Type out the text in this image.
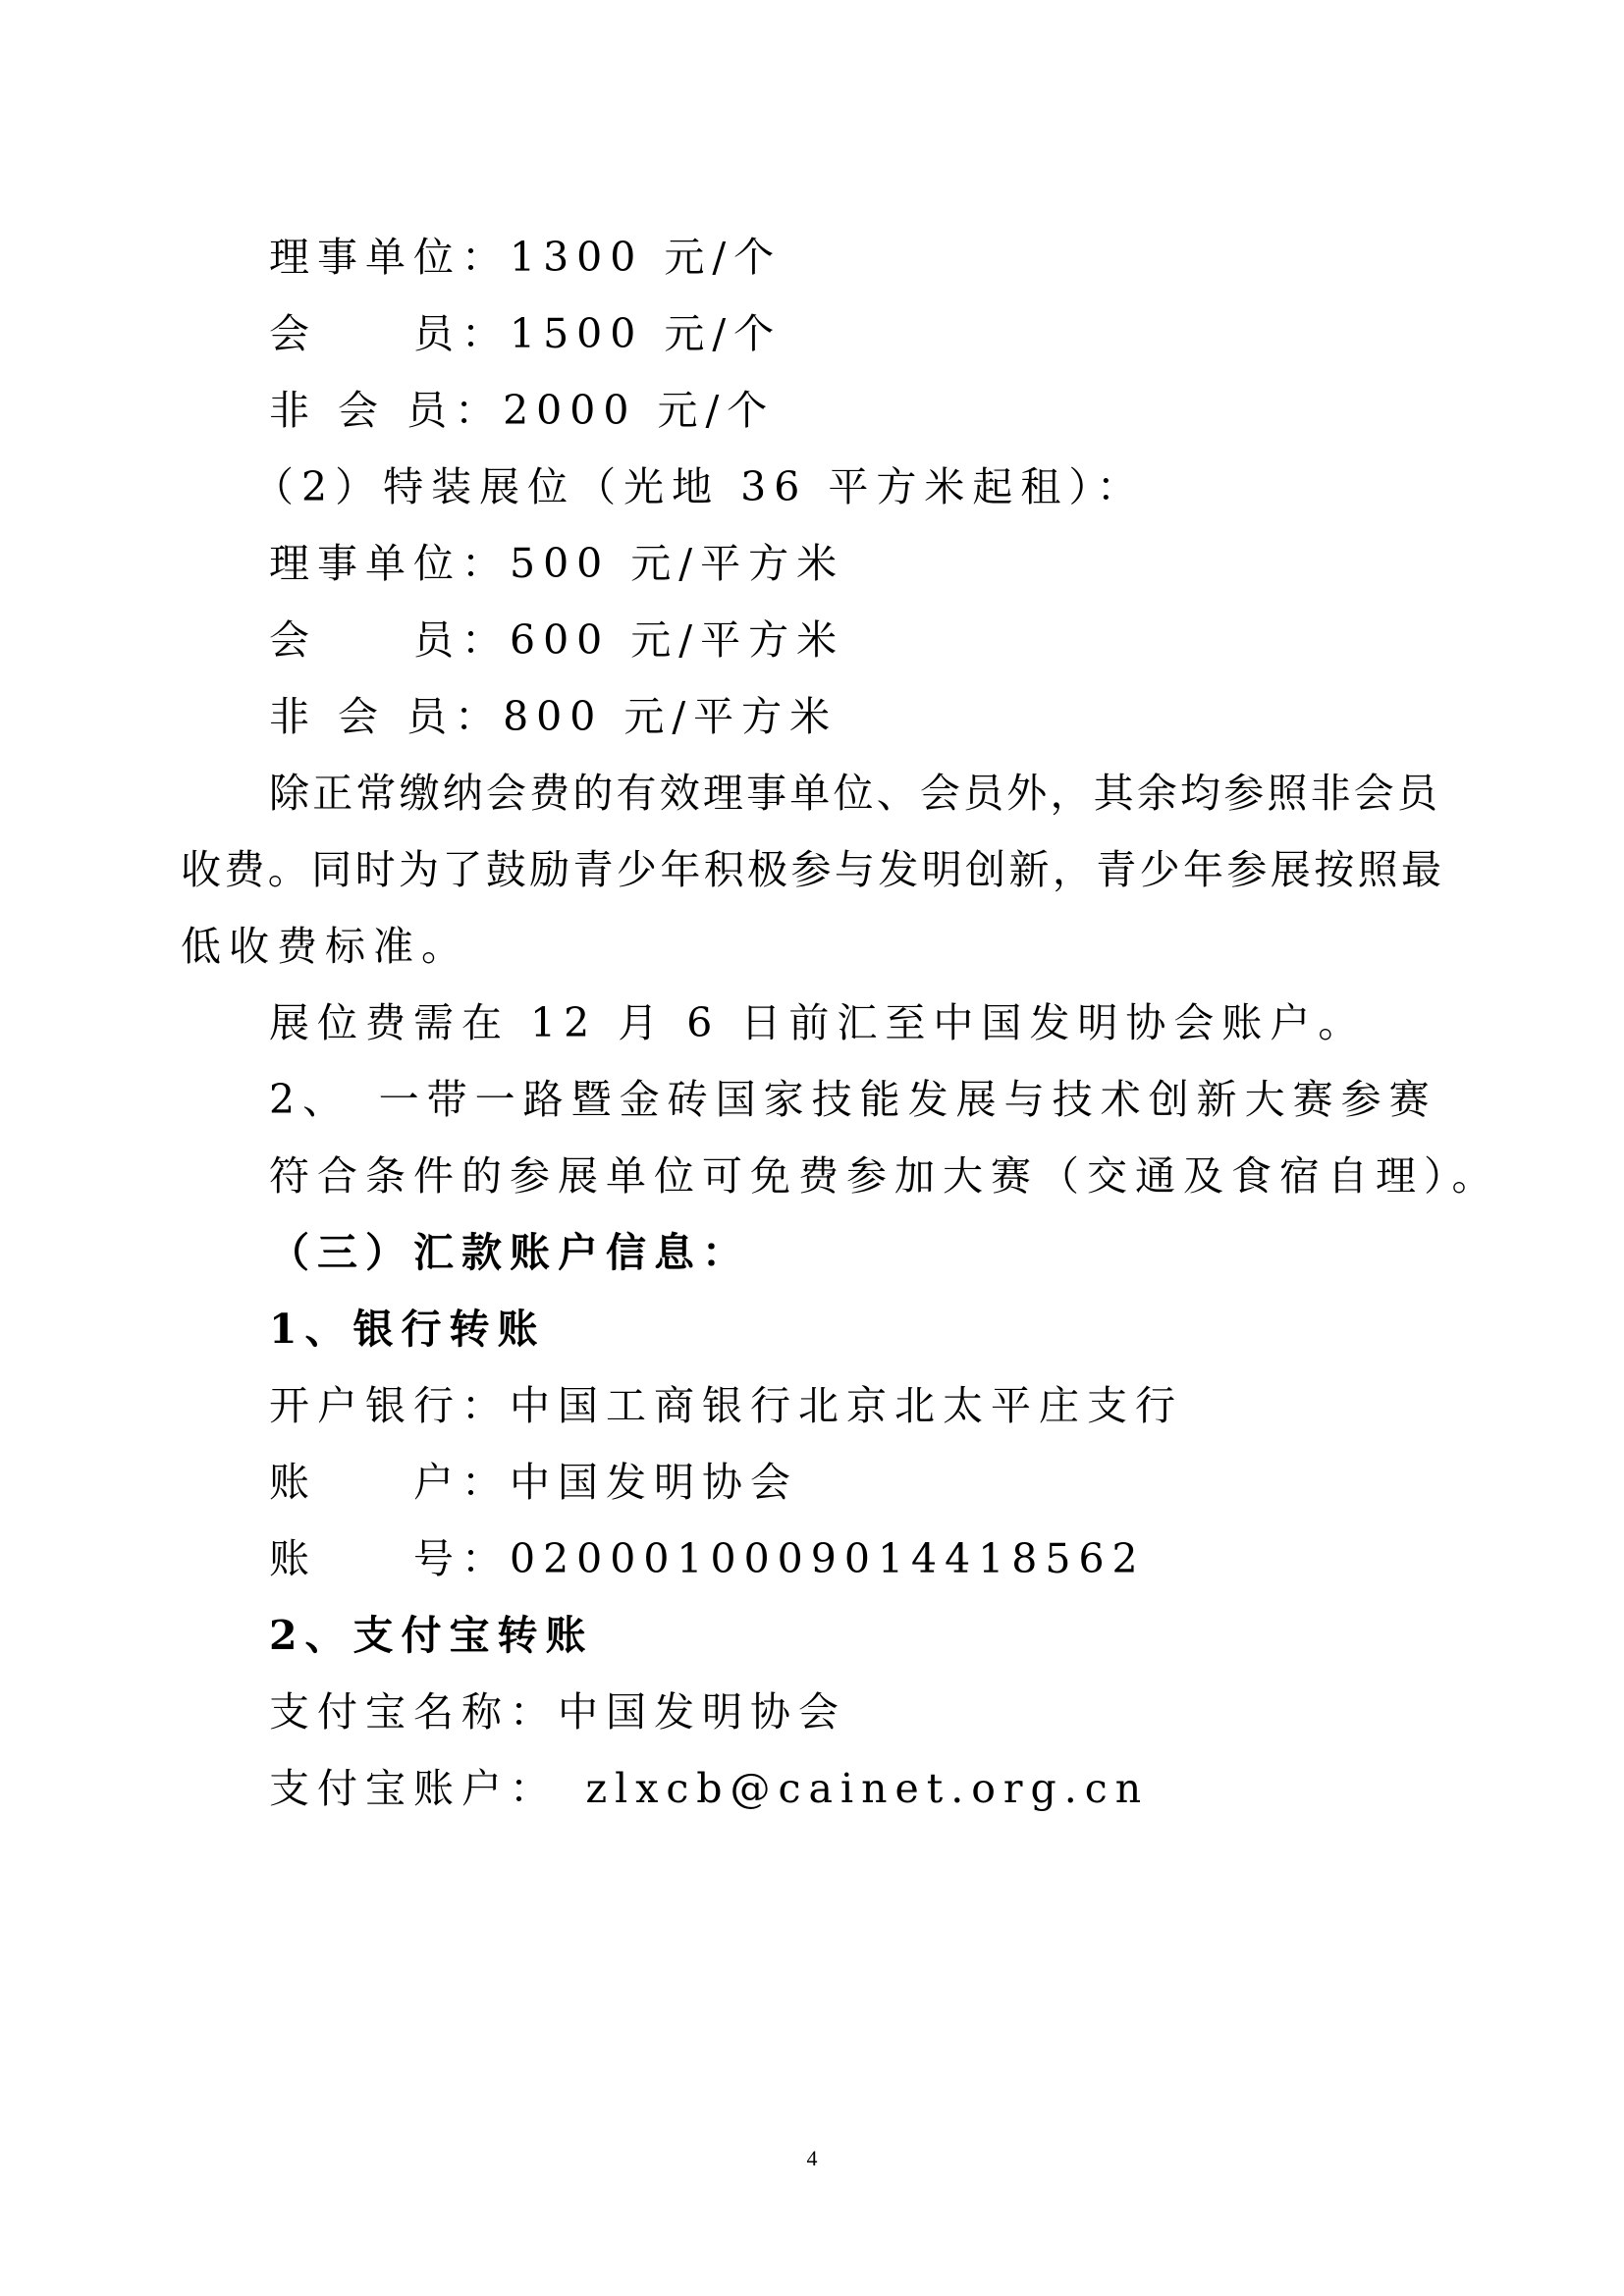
理事单位：1300 元/个
会　　员：1500 元/个
非 会 员：2000 元/个
（2）特装展位（光地 36 平方米起租）：
理事单位：500 元/平方米
会　　员：600 元/平方米
非 会 员：800 元/平方米
除正常缴纳会费的有效理事单位、会员外，其余均参照非会员
收费。同时为了鼓励青少年积极参与发明创新，青少年参展按照最
低收费标准。
展位费需在 12 月 6 日前汇至中国发明协会账户。
2、　一带一路暨金砖国家技能发展与技术创新大赛参赛
符合条件的参展单位可免费参加大赛（交通及食宿自理）。
（三）汇款账户信息：
1、银行转账
开户银行：中国工商银行北京北太平庄支行
账　　户：中国发明协会
账　　号：0200010009014418562
2、支付宝转账
支付宝名称：中国发明协会
支付宝账户：　zlxcb@cainet.org.cn
4
